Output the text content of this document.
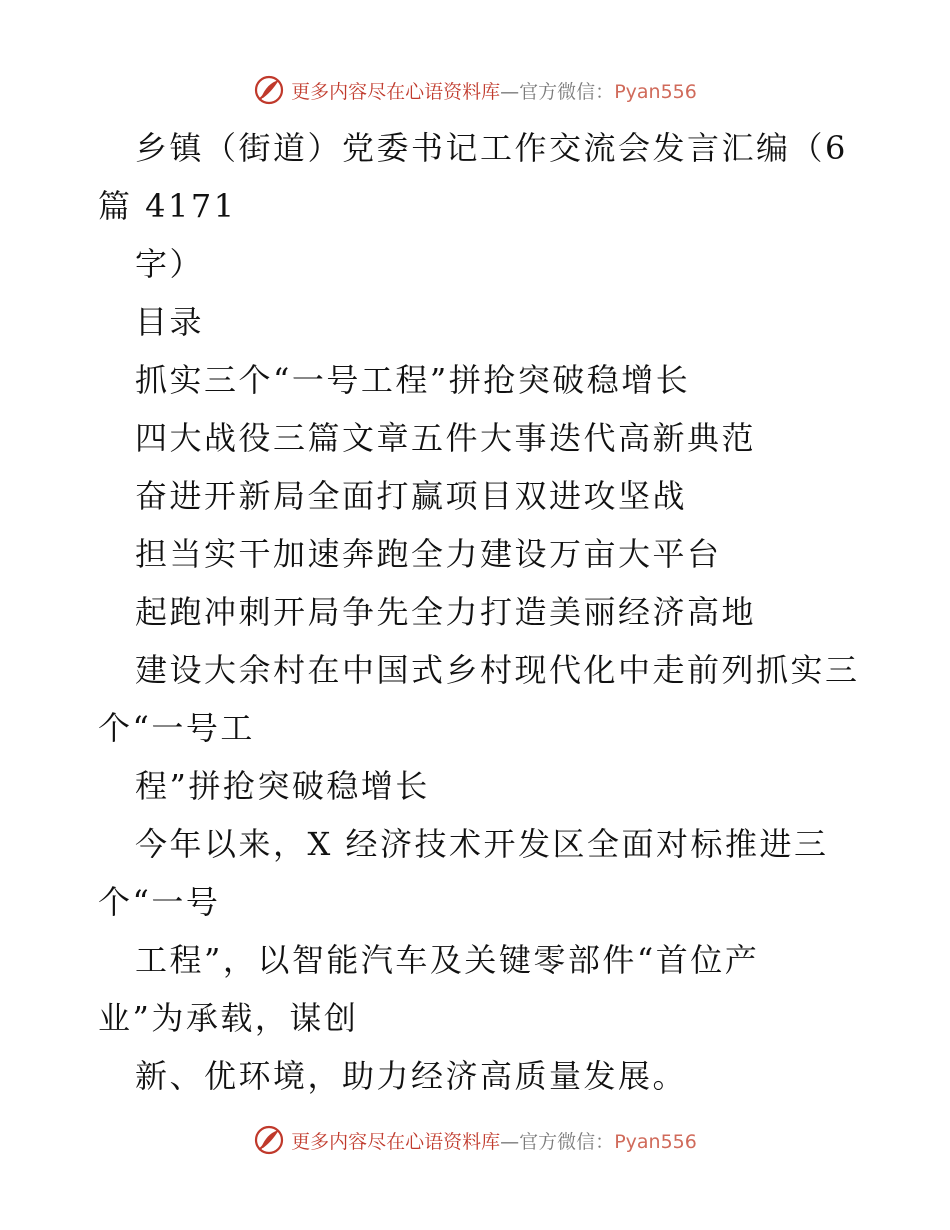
更多内容尽在心语资料库—官方微信：Pyan556
乡镇（街道）党委书记工作交流会发言汇编（6
篇 4171
字）
目录
抓实三个“一号工程”拼抢突破稳增长
四大战役三篇文章五件大事迭代高新典范
奋进开新局全面打赢项目双进攻坚战
担当实干加速奔跑全力建设万亩大平台
起跑冲刺开局争先全力打造美丽经济高地
建设大余村在中国式乡村现代化中走前列抓实三
个“一号工
程”拼抢突破稳增长
今年以来，X 经济技术开发区全面对标推进三
个“一号
工程”，以智能汽车及关键零部件“首位产
业”为承载，谋创
新、优环境，助力经济高质量发展。
更多内容尽在心语资料库—官方微信：Pyan556
